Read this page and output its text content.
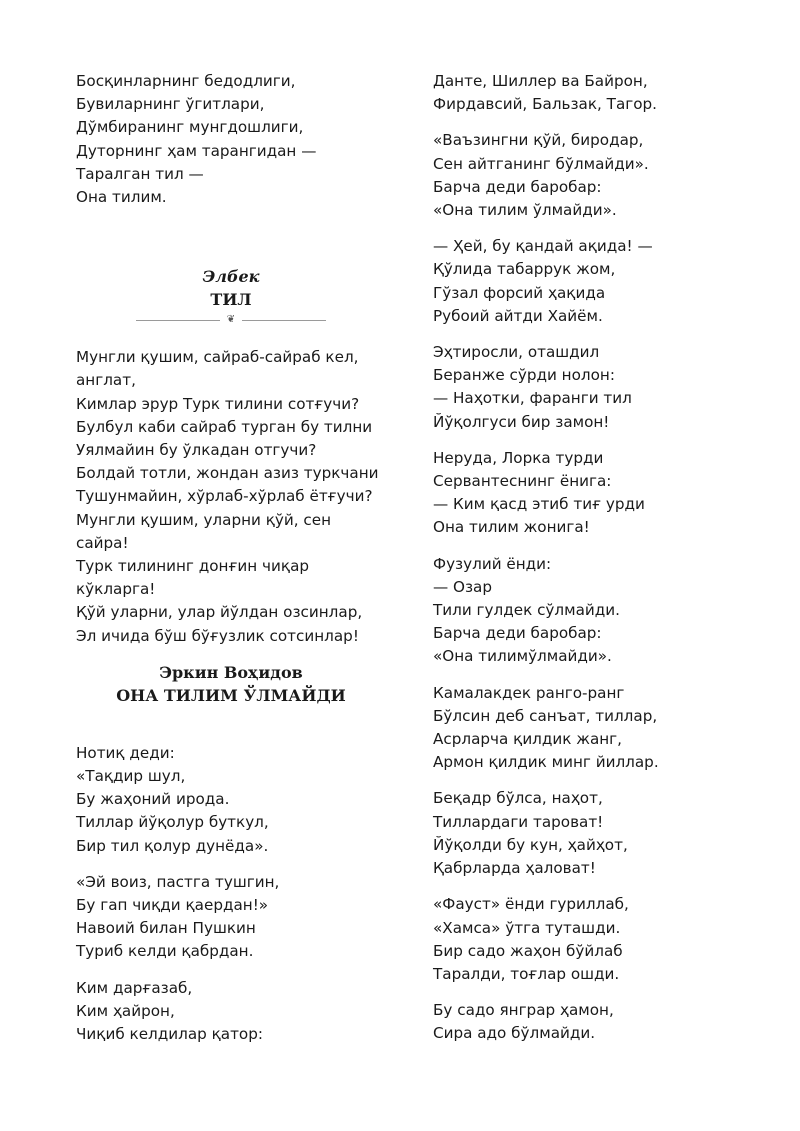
Босқинларнинг бедодлиги,
Бувиларнинг ўгитлари,
Дўмбиранинг мунгдошлиги,
Дуторнинг ҳам тарангидан —
Таралган тил —
Она тилим.
Элбек
ТИЛ
❦
Мунгли қушим, сайраб-сайраб кел,
англат,
Кимлар эрур Турк тилини сотғучи?
Булбул каби сайраб турган бу тилни
Уялмайин бу ўлкадан отгучи?
Болдай тотли, жондан азиз туркчани
Тушунмайин, хўрлаб-хўрлаб ётғучи?
Мунгли қушим, уларни қўй, сен
сайра!
Турк тилининг донғин чиқар
кўкларга!
Қўй уларни, улар йўлдан озсинлар,
Эл ичида бўш бўғузлик сотсинлар!
Эркин Воҳидов
ОНА ТИЛИМ ЎЛМАЙДИ
Нотиқ деди:
«Тақдир шул,
Бу жаҳоний ирода.
Тиллар йўқолур буткул,
Бир тил қолур дунёда».
«Эй воиз, пастга тушгин,
Бу гап чиқди қаердан!»
Навоий билан Пушкин
Туриб келди қабрдан.
Ким дарғазаб,
Ким ҳайрон,
Чиқиб келдилар қатор:
Данте, Шиллер ва Байрон,
Фирдавсий, Бальзак, Тагор.
«Ваъзингни қўй, биродар,
Сен айтганинг бўлмайди».
Барча деди баробар:
«Она тилим ўлмайди».
— Ҳей, бу қандай ақида! —
Қўлида табаррук жом,
Гўзал форсий ҳақида
Рубоий айтди Хайём.
Эҳтиросли, оташдил
Беранже сўрди нолон:
— Наҳотки, фаранги тил
Йўқолгуси бир замон!
Неруда, Лорка турди
Сервантеснинг ёнига:
— Ким қасд этиб тиғ урди
Она тилим жонига!
Фузулий ёнди:
— Озар
Тили гулдек сўлмайди.
Барча деди баробар:
«Она тилимўлмайди».
Камалакдек ранго-ранг
Бўлсин деб санъат, тиллар,
Асрларча қилдик жанг,
Армон қилдик минг йиллар.
Беқадр бўлса, наҳот,
Тиллардаги тароват!
Йўқолди бу кун, ҳайҳот,
Қабрларда ҳаловат!
«Фауст» ёнди гуриллаб,
«Хамса» ўтга туташди.
Бир садо жаҳон бўйлаб
Таралди, тоғлар ошди.
Бу садо янграр ҳамон,
Сира адо бўлмайди.
